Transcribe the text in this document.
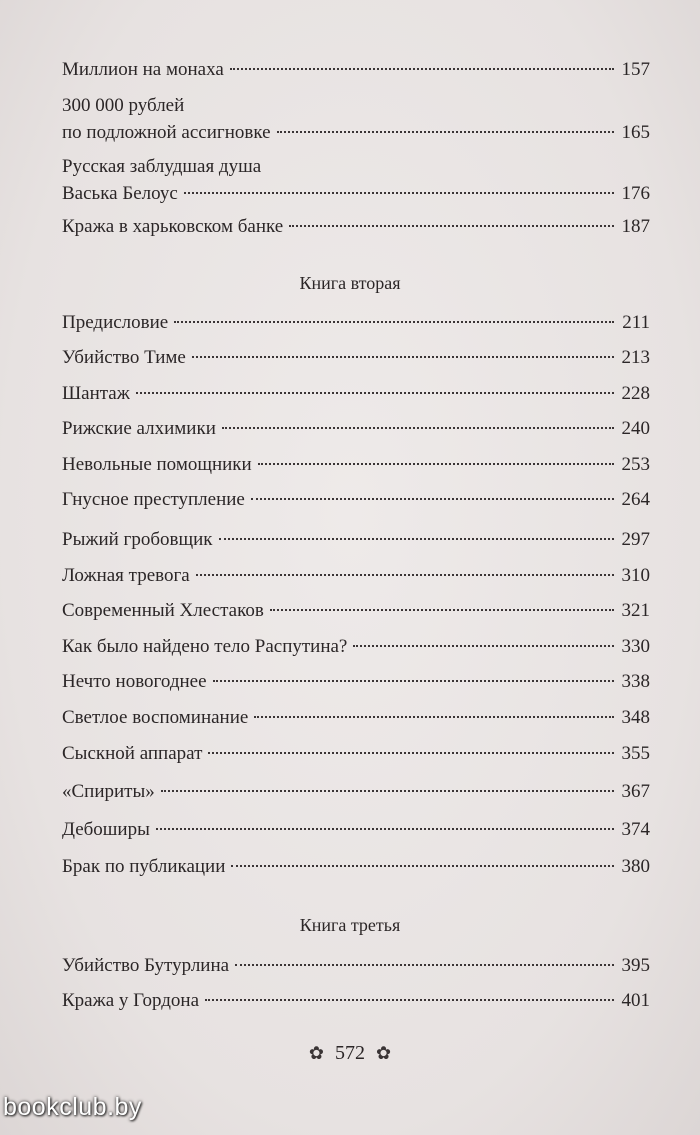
Миллион на монаха	157
300 000 рублей
по подложной ассигновке	165
Русская заблудшая душа
Васька Белоус	176
Кража в харьковском банке	187
Книга вторая
Предисловие	211
Убийство Тиме	213
Шантаж	228
Рижские алхимики	240
Невольные помощники	253
Гнусное преступление	264
Рыжий гробовщик	297
Ложная тревога	310
Современный Хлестаков	321
Как было найдено тело Распутина?	330
Нечто новогоднее	338
Светлое воспоминание	348
Сыскной аппарат	355
«Спириты»	367
Дебоширы	374
Брак по публикации	380
Книга третья
Убийство Бутурлина	395
Кража у Гордона	401
✿ 572 ✿
bookclub.by
